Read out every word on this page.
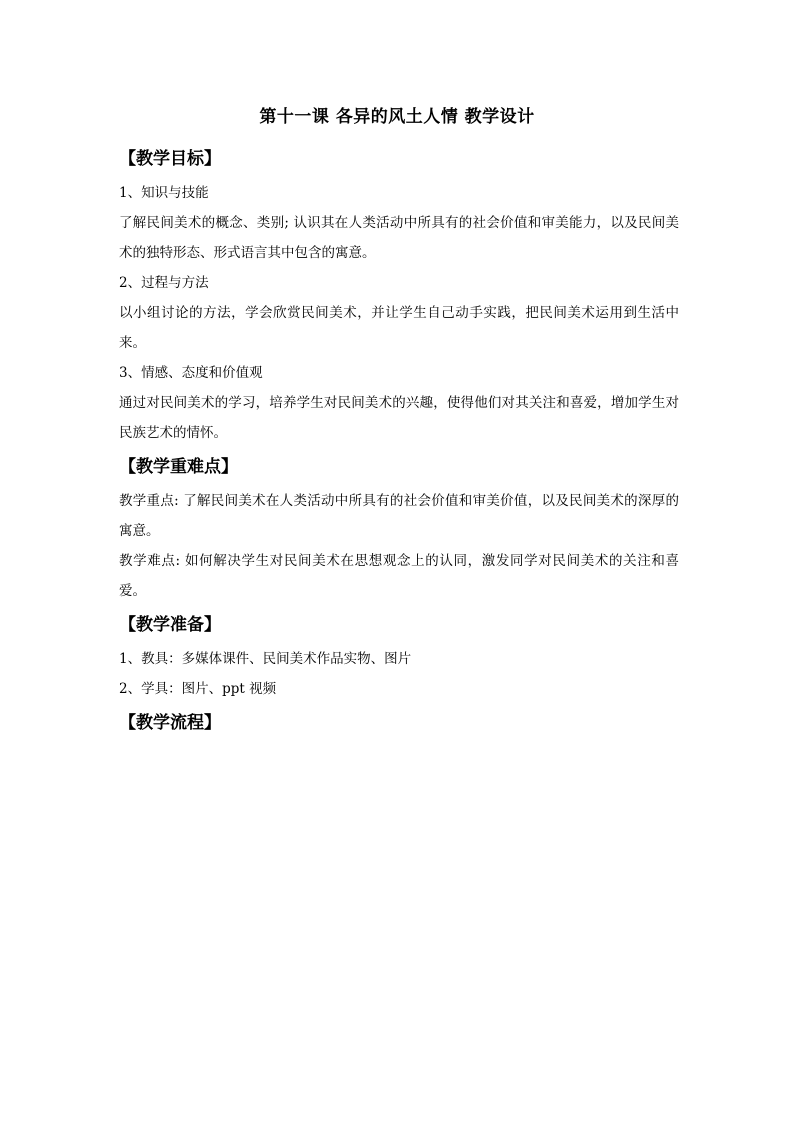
第十一课 各异的风土人情 教学设计
【教学目标】
1、知识与技能
了解民间美术的概念、类别; 认识其在人类活动中所具有的社会价值和审美能力，以及民间美术的独特形态、形式语言其中包含的寓意。
2、过程与方法
以小组讨论的方法，学会欣赏民间美术，并让学生自己动手实践，把民间美术运用到生活中来。
3、情感、态度和价值观
通过对民间美术的学习，培养学生对民间美术的兴趣，使得他们对其关注和喜爱，增加学生对民族艺术的情怀。
【教学重难点】
教学重点: 了解民间美术在人类活动中所具有的社会价值和审美价值，以及民间美术的深厚的寓意。
教学难点: 如何解决学生对民间美术在思想观念上的认同，激发同学对民间美术的关注和喜爱。
【教学准备】
1、教具：多媒体课件、民间美术作品实物、图片
2、学具：图片、ppt 视频
【教学流程】
